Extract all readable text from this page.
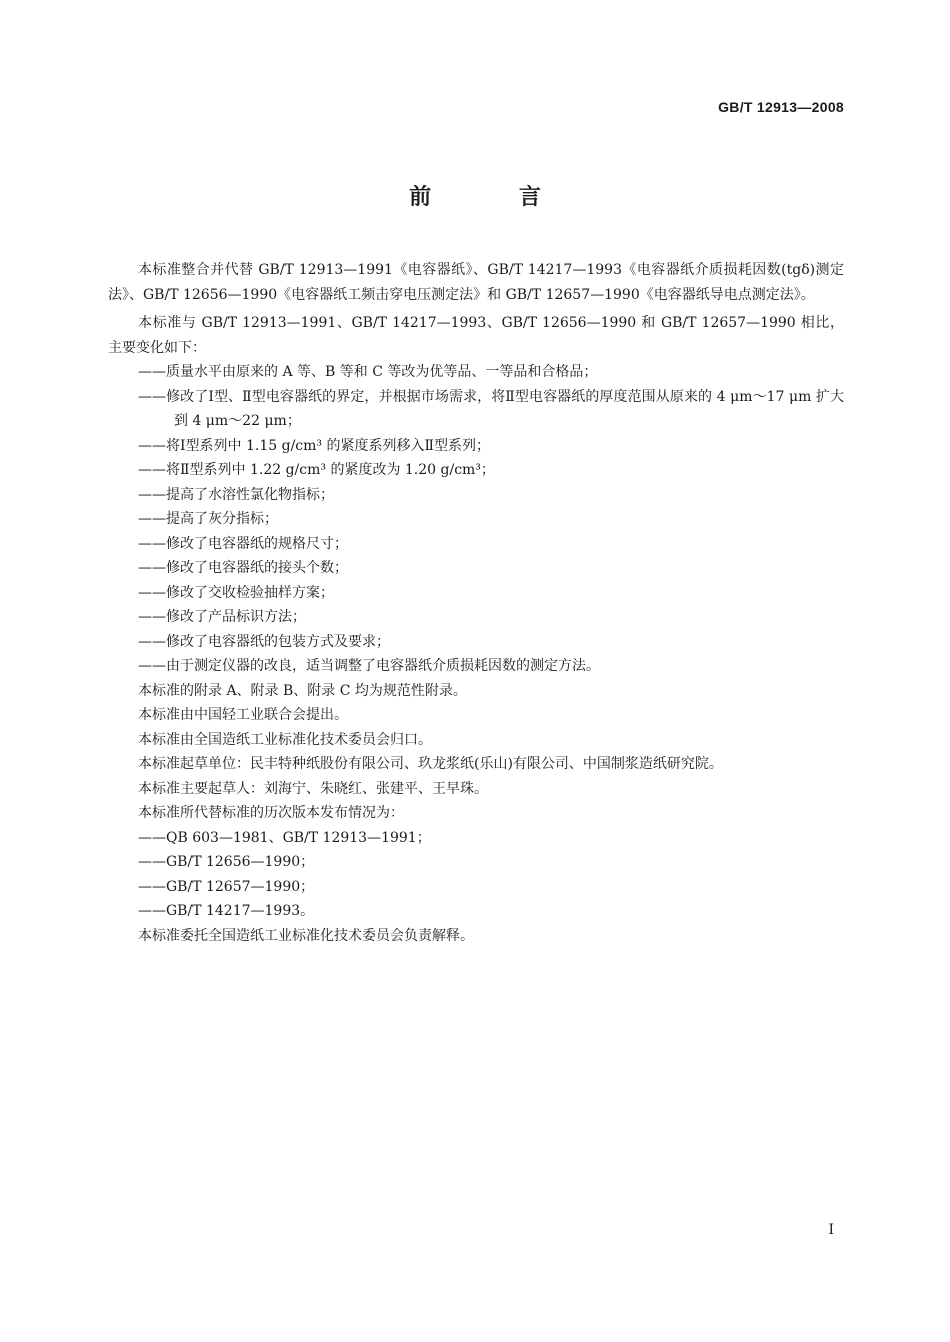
GB/T 12913—2008
前 言

本标准整合并代替 GB/T 12913—1991《电容器纸》、GB/T 14217—1993《电容器纸介质损耗因数(tgδ)测定法》、GB/T 12656—1990《电容器纸工频击穿电压测定法》和 GB/T 12657—1990《电容器纸导电点测定法》。

本标准与 GB/T 12913—1991、GB/T 14217—1993、GB/T 12656—1990 和 GB/T 12657—1990 相比，主要变化如下：

——质量水平由原来的 A 等、B 等和 C 等改为优等品、一等品和合格品；

——修改了Ⅰ型、Ⅱ型电容器纸的界定，并根据市场需求，将Ⅱ型电容器纸的厚度范围从原来的 4 μm～17 μm 扩大到 4 μm～22 μm；

——将Ⅰ型系列中 1.15 g/cm³ 的紧度系列移入Ⅱ型系列；

——将Ⅱ型系列中 1.22 g/cm³ 的紧度改为 1.20 g/cm³；

——提高了水溶性氯化物指标；

——提高了灰分指标；

——修改了电容器纸的规格尺寸；

——修改了电容器纸的接头个数；

——修改了交收检验抽样方案；

——修改了产品标识方法；

——修改了电容器纸的包装方式及要求；

——由于测定仪器的改良，适当调整了电容器纸介质损耗因数的测定方法。

本标准的附录 A、附录 B、附录 C 均为规范性附录。

本标准由中国轻工业联合会提出。

本标准由全国造纸工业标准化技术委员会归口。

本标准起草单位：民丰特种纸股份有限公司、玖龙浆纸(乐山)有限公司、中国制浆造纸研究院。

本标准主要起草人：刘海宁、朱晓红、张建平、王早珠。

本标准所代替标准的历次版本发布情况为：

——QB 603—1981、GB/T 12913—1991；

——GB/T 12656—1990；

——GB/T 12657—1990；

——GB/T 14217—1993。

本标准委托全国造纸工业标准化技术委员会负责解释。

I
